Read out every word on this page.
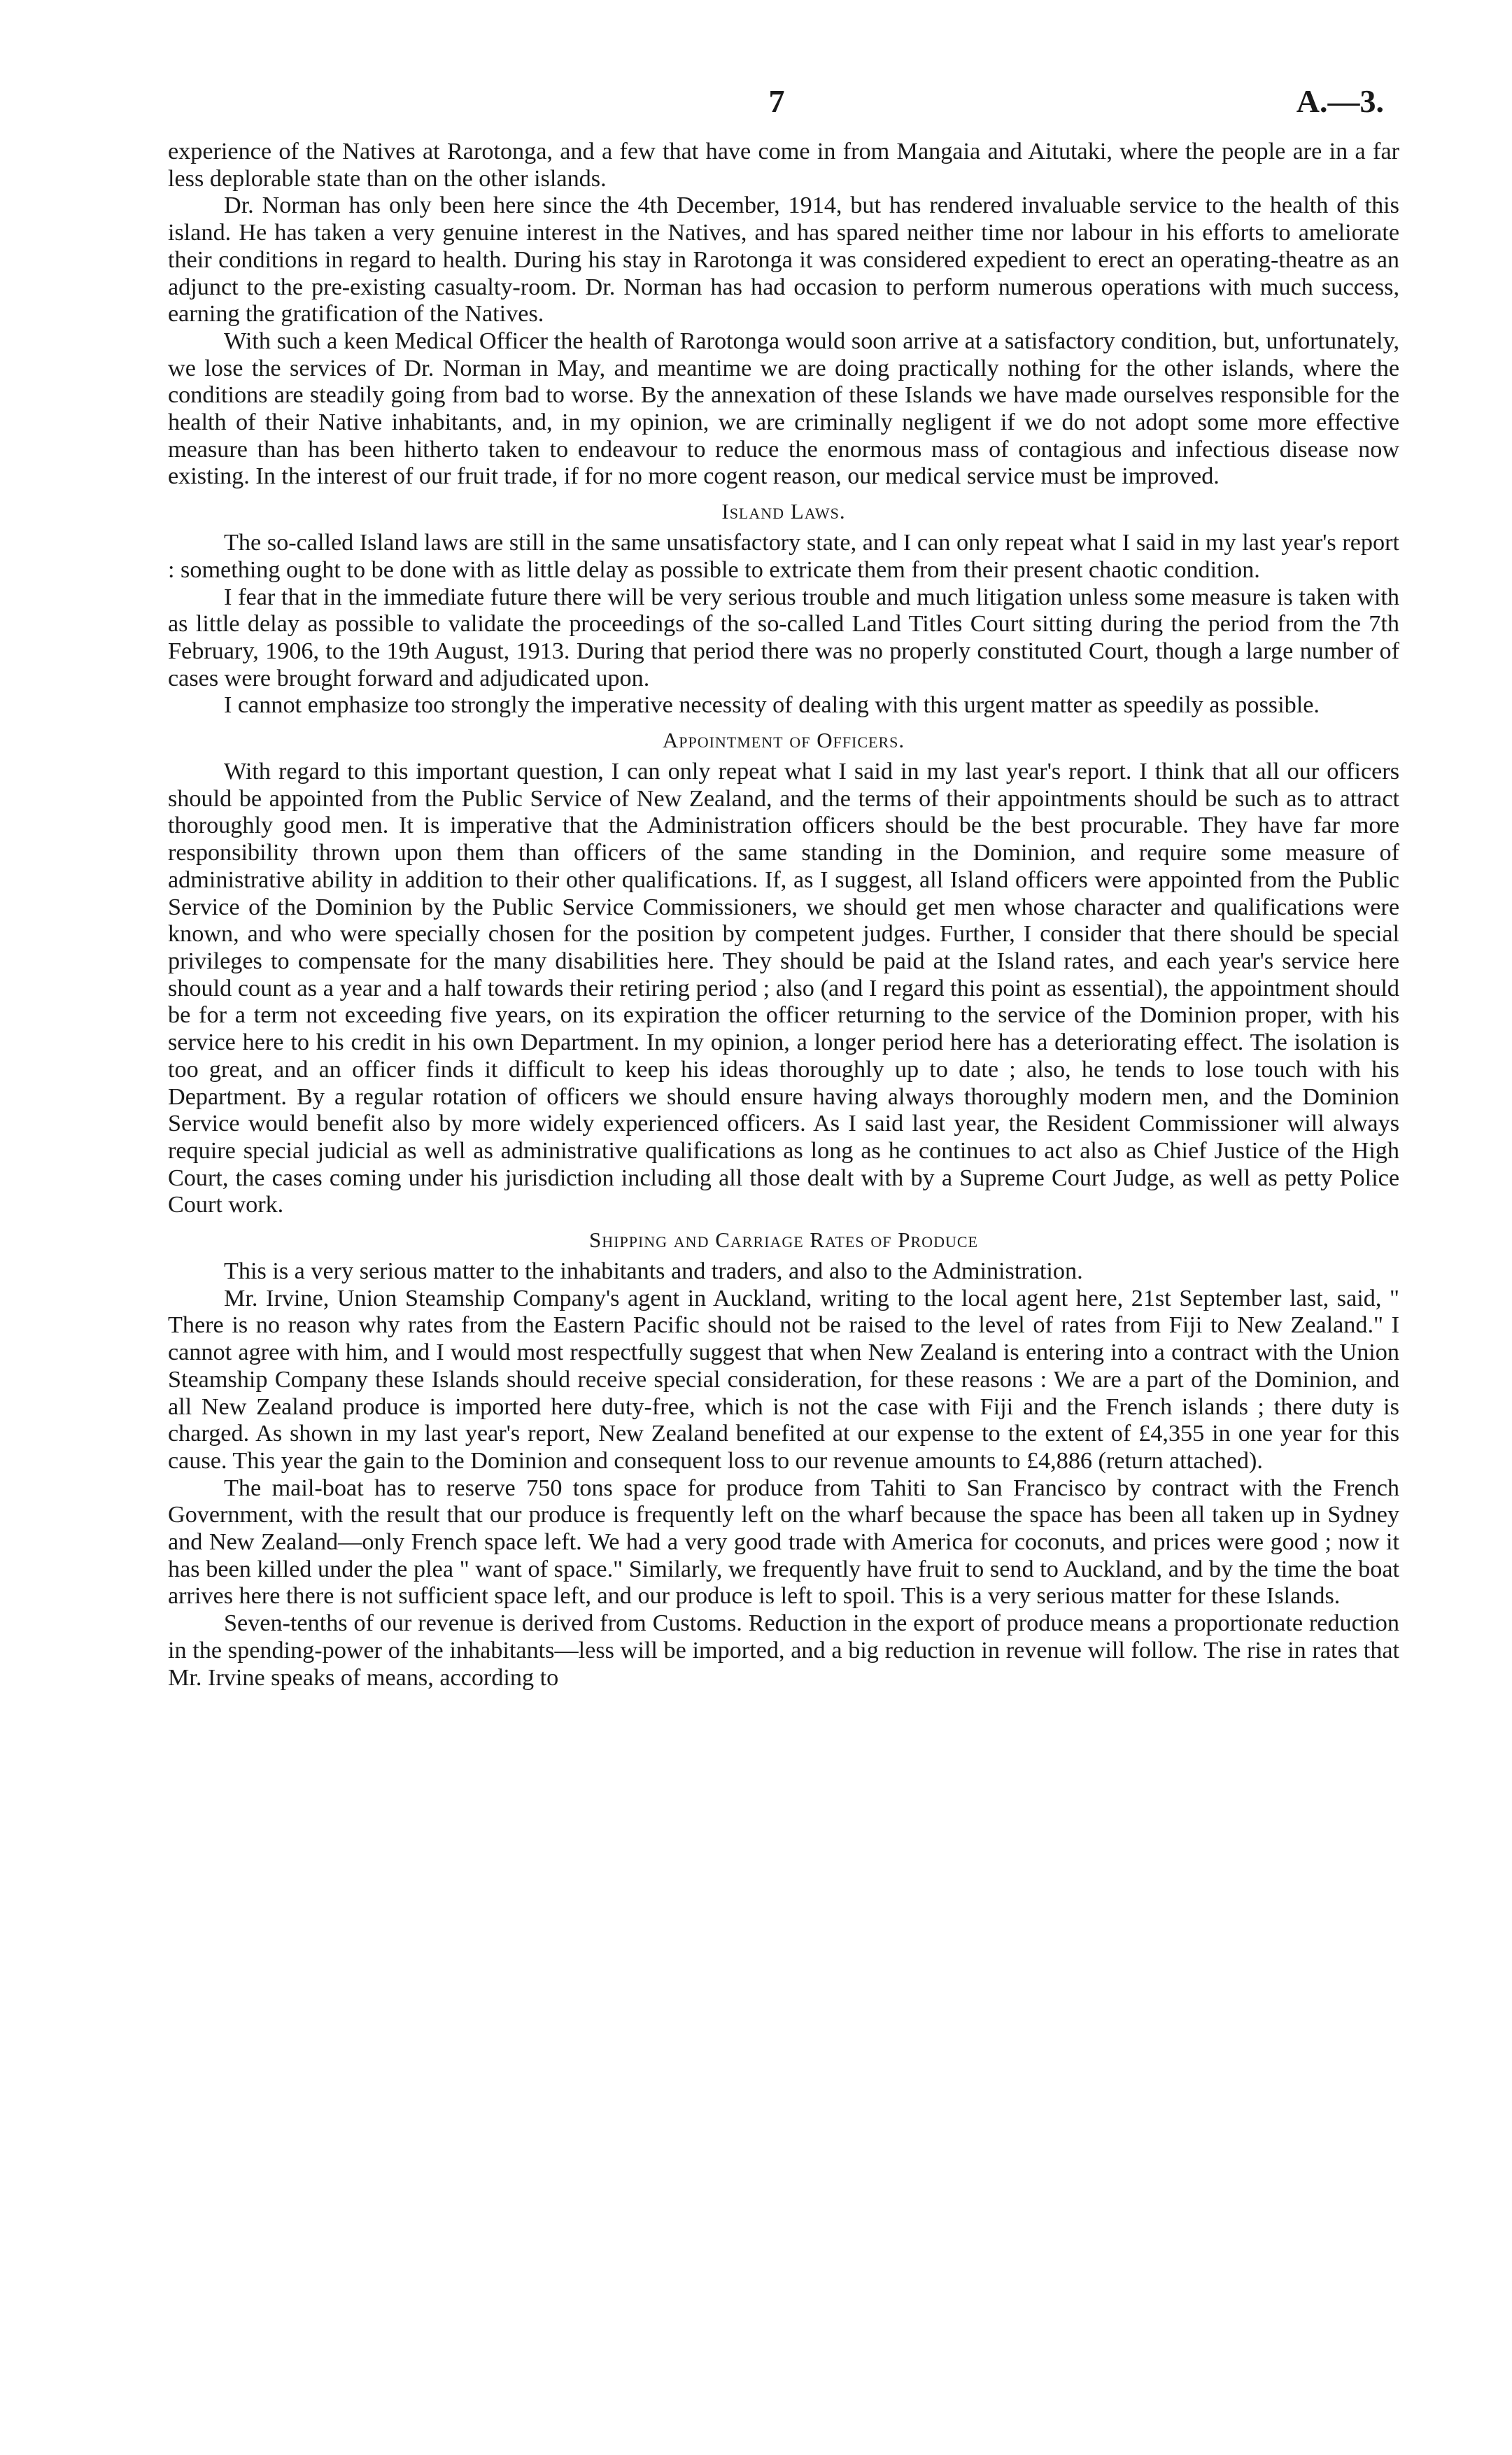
7	A.—3.

experience of the Natives at Rarotonga, and a few that have come in from Mangaia and Aitutaki, where the people are in a far less deplorable state than on the other islands.

Dr. Norman has only been here since the 4th December, 1914, but has rendered invaluable service to the health of this island. He has taken a very genuine interest in the Natives, and has spared neither time nor labour in his efforts to ameliorate their conditions in regard to health. During his stay in Rarotonga it was considered expedient to erect an operating-theatre as an adjunct to the pre-existing casualty-room. Dr. Norman has had occasion to perform numerous operations with much success, earning the gratification of the Natives.

With such a keen Medical Officer the health of Rarotonga would soon arrive at a satisfactory condition, but, unfortunately, we lose the services of Dr. Norman in May, and meantime we are doing practically nothing for the other islands, where the conditions are steadily going from bad to worse. By the annexation of these Islands we have made ourselves responsible for the health of their Native inhabitants, and, in my opinion, we are criminally negligent if we do not adopt some more effective measure than has been hitherto taken to endeavour to reduce the enormous mass of contagious and infectious disease now existing. In the interest of our fruit trade, if for no more cogent reason, our medical service must be improved.

Island Laws.

The so-called Island laws are still in the same unsatisfactory state, and I can only repeat what I said in my last year's report : something ought to be done with as little delay as possible to extricate them from their present chaotic condition.

I fear that in the immediate future there will be very serious trouble and much litigation unless some measure is taken with as little delay as possible to validate the proceedings of the so-called Land Titles Court sitting during the period from the 7th February, 1906, to the 19th August, 1913. During that period there was no properly constituted Court, though a large number of cases were brought forward and adjudicated upon.

I cannot emphasize too strongly the imperative necessity of dealing with this urgent matter as speedily as possible.

Appointment of Officers.

With regard to this important question, I can only repeat what I said in my last year's report. I think that all our officers should be appointed from the Public Service of New Zealand, and the terms of their appointments should be such as to attract thoroughly good men. It is imperative that the Administration officers should be the best procurable. They have far more responsibility thrown upon them than officers of the same standing in the Dominion, and require some measure of administrative ability in addition to their other qualifications. If, as I suggest, all Island officers were appointed from the Public Service of the Dominion by the Public Service Commissioners, we should get men whose character and qualifications were known, and who were specially chosen for the position by competent judges. Further, I consider that there should be special privileges to compensate for the many disabilities here. They should be paid at the Island rates, and each year's service here should count as a year and a half towards their retiring period ; also (and I regard this point as essential), the appointment should be for a term not exceeding five years, on its expiration the officer returning to the service of the Dominion proper, with his service here to his credit in his own Department. In my opinion, a longer period here has a deteriorating effect. The isolation is too great, and an officer finds it difficult to keep his ideas thoroughly up to date ; also, he tends to lose touch with his Department. By a regular rotation of officers we should ensure having always thoroughly modern men, and the Dominion Service would benefit also by more widely experienced officers. As I said last year, the Resident Commissioner will always require special judicial as well as administrative qualifications as long as he continues to act also as Chief Justice of the High Court, the cases coming under his jurisdiction including all those dealt with by a Supreme Court Judge, as well as petty Police Court work.

Shipping and Carriage Rates of Produce

This is a very serious matter to the inhabitants and traders, and also to the Administration.

Mr. Irvine, Union Steamship Company's agent in Auckland, writing to the local agent here, 21st September last, said, " There is no reason why rates from the Eastern Pacific should not be raised to the level of rates from Fiji to New Zealand." I cannot agree with him, and I would most respectfully suggest that when New Zealand is entering into a contract with the Union Steamship Company these Islands should receive special consideration, for these reasons : We are a part of the Dominion, and all New Zealand produce is imported here duty-free, which is not the case with Fiji and the French islands ; there duty is charged. As shown in my last year's report, New Zealand benefited at our expense to the extent of £4,355 in one year for this cause. This year the gain to the Dominion and consequent loss to our revenue amounts to £4,886 (return attached).

The mail-boat has to reserve 750 tons space for produce from Tahiti to San Francisco by contract with the French Government, with the result that our produce is frequently left on the wharf because the space has been all taken up in Sydney and New Zealand—only French space left. We had a very good trade with America for coconuts, and prices were good ; now it has been killed under the plea " want of space." Similarly, we frequently have fruit to send to Auckland, and by the time the boat arrives here there is not sufficient space left, and our produce is left to spoil. This is a very serious matter for these Islands.

Seven-tenths of our revenue is derived from Customs. Reduction in the export of produce means a proportionate reduction in the spending-power of the inhabitants—less will be imported, and a big reduction in revenue will follow. The rise in rates that Mr. Irvine speaks of means, according to
